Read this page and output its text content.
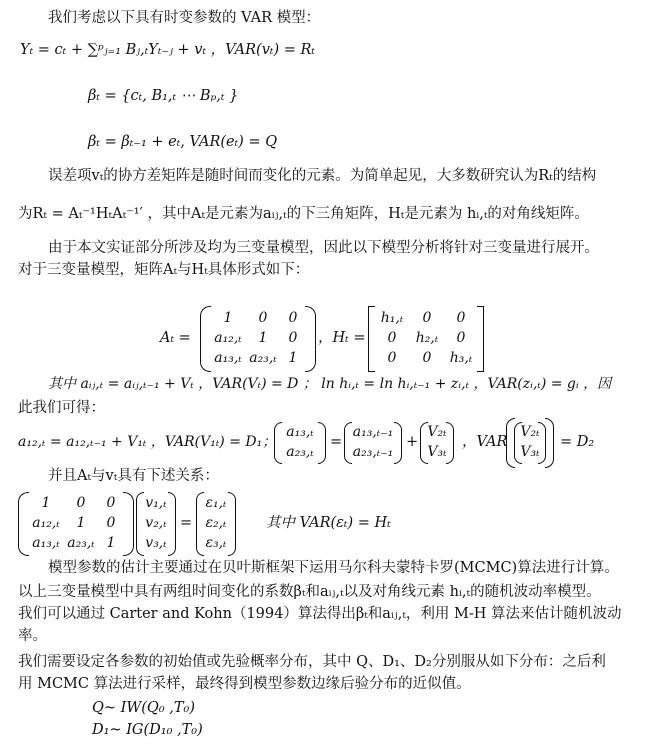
我们考虑以下具有时变参数的 VAR 模型：
Yₜ = cₜ + ∑ᵖⱼ₌₁ Bⱼ,ₜYₜ₋ⱼ + vₜ ，VAR(vₜ) = Rₜ
βₜ = {cₜ, B₁,ₜ ⋯ Bₚ,ₜ }
βₜ = βₜ₋₁ + eₜ, VAR(eₜ) = Q
误差项vₜ的协方差矩阵是随时间而变化的元素。为简单起见，大多数研究认为Rₜ的结构
为Rₜ = Aₜ⁻¹HₜAₜ⁻¹′ ，其中Aₜ是元素为aᵢⱼ,ₜ的下三角矩阵，Hₜ是元素为 hᵢ,ₜ的对角线矩阵。
由于本文实证部分所涉及均为三变量模型，因此以下模型分析将针对三变量进行展开。
对于三变量模型，矩阵Aₜ与Hₜ具体形式如下：
Aₜ =
1	0	0
a₁₂,ₜ	1	0
a₁₃,ₜ a₂₃,ₜ 1
，Hₜ =
h₁,ₜ	0	0
0	h₂,ₜ	0
0	0	h₃,ₜ
其中 aᵢⱼ,ₜ = aᵢⱼ,ₜ₋₁ + Vₜ ，VAR(Vₜ) = D ； ln hᵢ,ₜ = ln hᵢ,ₜ₋₁ + zᵢ,ₜ ，VAR(zᵢ,ₜ) = gᵢ ，因
此我们可得：
a₁₂,ₜ = a₁₂,ₜ₋₁ + V₁ₜ ，VAR(V₁ₜ) = D₁；
a₁₃,ₜ
a₂₃,ₜ
=
a₁₃,ₜ₋₁
a₂₃,ₜ₋₁
+
V₂ₜ
V₃ₜ
，VAR
V₂ₜ
V₃ₜ
= D₂
并且Aₜ与vₜ具有下述关系：
1	0	0
a₁₂,ₜ	1	0
a₁₃,ₜ a₂₃,ₜ 1
v₁,ₜ
v₂,ₜ
v₃,ₜ
=
ε₁,ₜ
ε₂,ₜ
ε₃,ₜ
其中 VAR(εₜ) = Hₜ
模型参数的估计主要通过在贝叶斯框架下运用马尔科夫蒙特卡罗(MCMC)算法进行计算。
以上三变量模型中具有两组时间变化的系数βₜ和aᵢⱼ,ₜ以及对角线元素 hᵢ,ₜ的随机波动率模型。
我们可以通过 Carter and Kohn（1994）算法得出βₜ和aᵢⱼ,ₜ，利用 M-H 算法来估计随机波动
率。
我们需要设定各参数的初始值或先验概率分布，其中 Q、D₁、D₂分别服从如下分布：之后利
用 MCMC 算法进行采样，最终得到模型参数边缘后验分布的近似值。
Q~ IW(Q₀ ,T₀)
D₁~ IG(D₁₀ ,T₀)
